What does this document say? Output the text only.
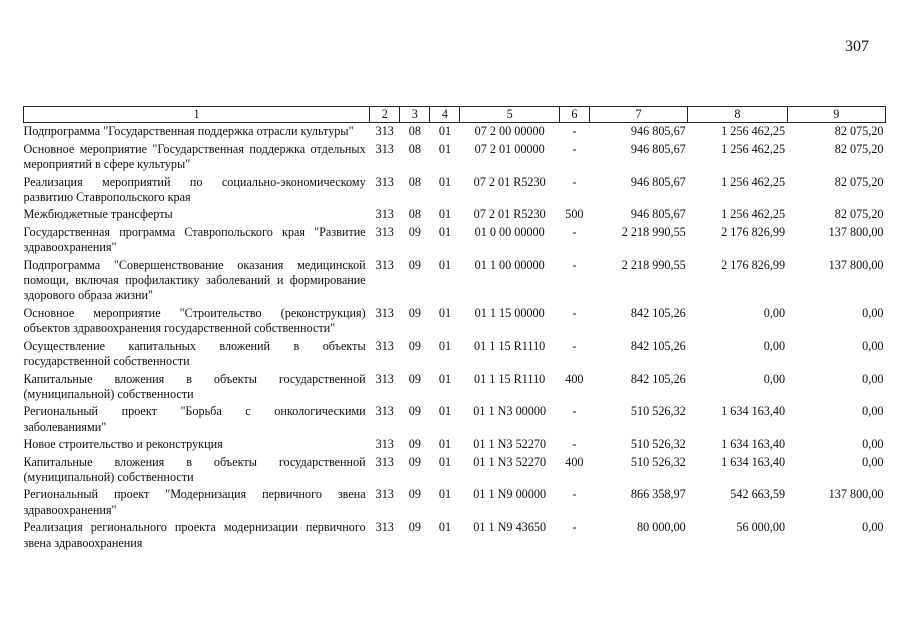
307
1	2	3	4	5	6	7	8	9
Подпрограмма "Государственная поддержка отрасли культуры"	313	08	01	07 2 00 00000	-	946 805,67	1 256 462,25	82 075,20
Основное мероприятие "Государственная поддержка отдельных мероприятий в сфере культуры"	313	08	01	07 2 01 00000	-	946 805,67	1 256 462,25	82 075,20
Реализация мероприятий по социально-экономическому развитию Ставропольского края	313	08	01	07 2 01 R5230	-	946 805,67	1 256 462,25	82 075,20
Межбюджетные трансферты	313	08	01	07 2 01 R5230	500	946 805,67	1 256 462,25	82 075,20
Государственная программа Ставропольского края "Развитие здравоохранения"	313	09	01	01 0 00 00000	-	2 218 990,55	2 176 826,99	137 800,00
Подпрограмма "Совершенствование оказания медицинской помощи, включая профилактику заболеваний и формирование здорового образа жизни"	313	09	01	01 1 00 00000	-	2 218 990,55	2 176 826,99	137 800,00
Основное мероприятие "Строительство (реконструкция) объектов здравоохранения государственной собственности"	313	09	01	01 1 15 00000	-	842 105,26	0,00	0,00
Осуществление капитальных вложений в объекты государственной собственности	313	09	01	01 1 15 R1110	-	842 105,26	0,00	0,00
Капитальные вложения в объекты государственной (муниципальной) собственности	313	09	01	01 1 15 R1110	400	842 105,26	0,00	0,00
Региональный проект "Борьба с онкологическими заболеваниями"	313	09	01	01 1 N3 00000	-	510 526,32	1 634 163,40	0,00
Новое строительство и реконструкция	313	09	01	01 1 N3 52270	-	510 526,32	1 634 163,40	0,00
Капитальные вложения в объекты государственной (муниципальной) собственности	313	09	01	01 1 N3 52270	400	510 526,32	1 634 163,40	0,00
Региональный проект "Модернизация первичного звена здравоохранения"	313	09	01	01 1 N9 00000	-	866 358,97	542 663,59	137 800,00
Реализация регионального проекта модернизации первичного звена здравоохранения	313	09	01	01 1 N9 43650	-	80 000,00	56 000,00	0,00
